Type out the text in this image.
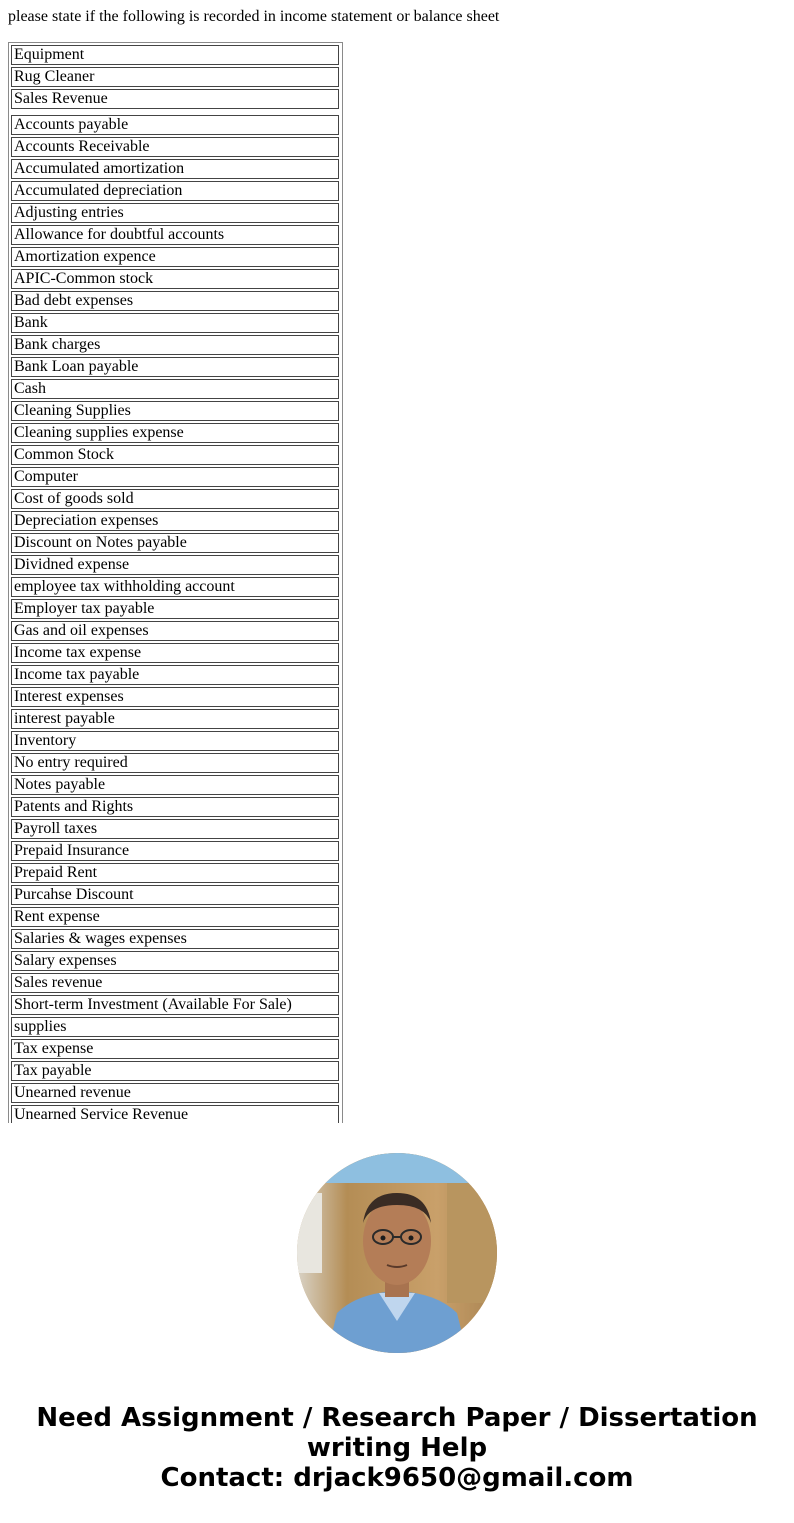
please state if the following is recorded in income statement or balance sheet
Equipment
Rug Cleaner
Sales Revenue
Accounts payable
Accounts Receivable
Accumulated amortization
Accumulated depreciation
Adjusting entries
Allowance for doubtful accounts
Amortization expence
APIC-Common stock
Bad debt expenses
Bank
Bank charges
Bank Loan payable
Cash
Cleaning Supplies
Cleaning supplies expense
Common Stock
Computer
Cost of goods sold
Depreciation expenses
Discount on Notes payable
Dividned expense
employee tax withholding account
Employer tax payable
Gas and oil expenses
Income tax expense
Income tax payable
Interest expenses
interest payable
Inventory
No entry required
Notes payable
Patents and Rights
Payroll taxes
Prepaid Insurance
Prepaid Rent
Purcahse Discount
Rent expense
Salaries & wages expenses
Salary expenses
Sales revenue
Short-term Investment (Available For Sale)
supplies
Tax expense
Tax payable
Unearned revenue
Unearned Service Revenue
Need Assignment / Research Paper / Dissertation
writing Help
Contact: drjack9650@gmail.com
